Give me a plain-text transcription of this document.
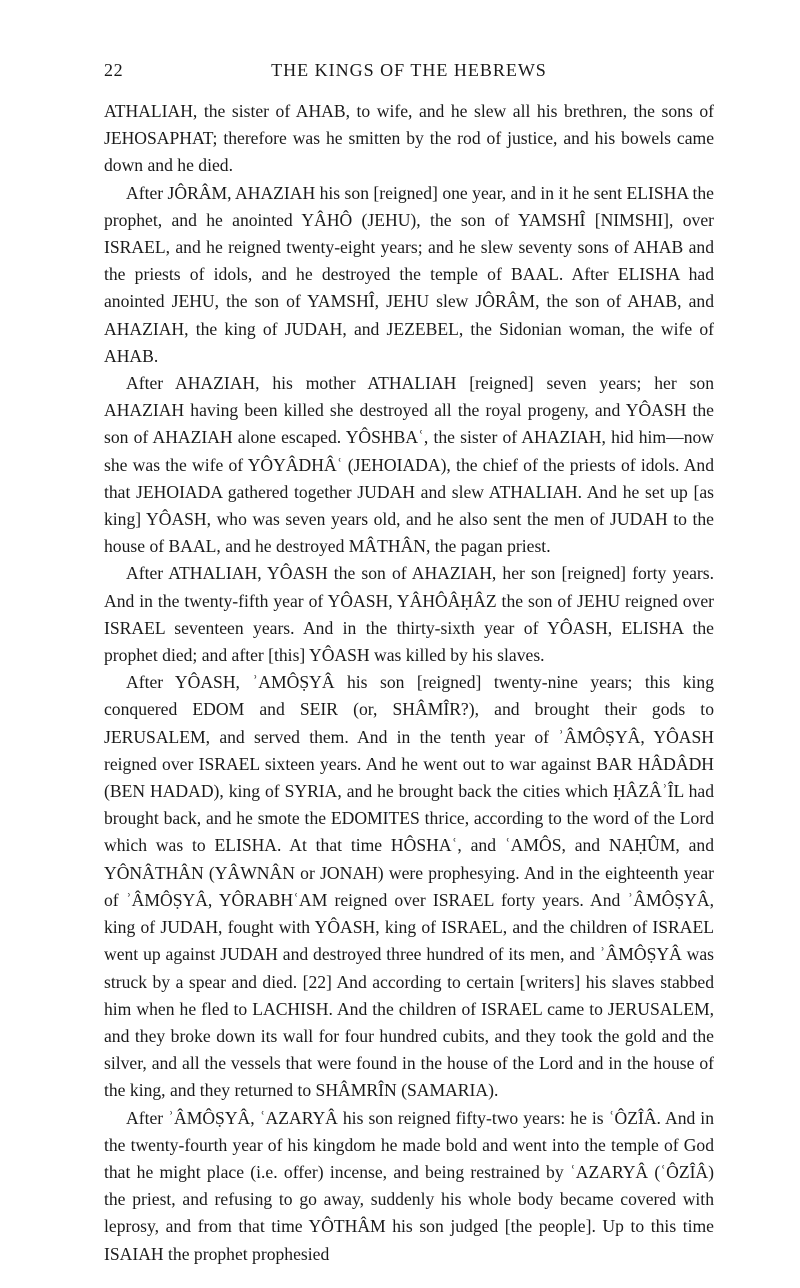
22	THE KINGS OF THE HEBREWS

ATHALIAH, the sister of AHAB, to wife, and he slew all his brethren, the sons of JEHOSAPHAT; therefore was he smitten by the rod of justice, and his bowels came down and he died.

After JÔRÂM, AHAZIAH his son [reigned] one year, and in it he sent ELISHA the prophet, and he anointed YÂHÔ (JEHU), the son of YAMSHÎ [NIMSHI], over ISRAEL, and he reigned twenty-eight years; and he slew seventy sons of AHAB and the priests of idols, and he destroyed the temple of BAAL. After ELISHA had anointed JEHU, the son of YAMSHÎ, JEHU slew JÔRÂM, the son of AHAB, and AHAZIAH, the king of JUDAH, and JEZEBEL, the Sidonian woman, the wife of AHAB.

After AHAZIAH, his mother ATHALIAH [reigned] seven years; her son AHAZIAH having been killed she destroyed all the royal progeny, and YÔASH the son of AHAZIAH alone escaped. YÔSHBAʿ, the sister of AHAZIAH, hid him—now she was the wife of YÔYÂDHÂʿ (JEHOIADA), the chief of the priests of idols. And that JEHOIADA gathered together JUDAH and slew ATHALIAH. And he set up [as king] YÔASH, who was seven years old, and he also sent the men of JUDAH to the house of BAAL, and he destroyed MÂTHÂN, the pagan priest.

After ATHALIAH, YÔASH the son of AHAZIAH, her son [reigned] forty years. And in the twenty-fifth year of YÔASH, YÂHÔÂḤÂZ the son of JEHU reigned over ISRAEL seventeen years. And in the thirty-sixth year of YÔASH, ELISHA the prophet died; and after [this] YÔASH was killed by his slaves.

After YÔASH, ʾAMÔṢYÂ his son [reigned] twenty-nine years; this king conquered EDOM and SEIR (or, SHÂMÎR?), and brought their gods to JERUSALEM, and served them. And in the tenth year of ʾÂMÔṢYÂ, YÔASH reigned over ISRAEL sixteen years. And he went out to war against BAR HÂDÂDH (BEN HADAD), king of SYRIA, and he brought back the cities which ḤÂZÂʾÎL had brought back, and he smote the EDOMITES thrice, according to the word of the Lord which was to ELISHA. At that time HÔSHAʿ, and ʿAMÔS, and NAḤÛM, and YÔNÂTHÂN (YÂWNÂN or JONAH) were prophesying. And in the eighteenth year of ʾÂMÔṢYÂ, YÔRABHʿAM reigned over ISRAEL forty years. And ʾÂMÔṢYÂ, king of JUDAH, fought with YÔASH, king of ISRAEL, and the children of ISRAEL went up against JUDAH and destroyed three hundred of its men, and ʾÂMÔṢYÂ was struck by a spear and died. [22] And according to certain [writers] his slaves stabbed him when he fled to LACHISH. And the children of ISRAEL came to JERUSALEM, and they broke down its wall for four hundred cubits, and they took the gold and the silver, and all the vessels that were found in the house of the Lord and in the house of the king, and they returned to SHÂMRÎN (SAMARIA).

After ʾÂMÔṢYÂ, ʿAZARYÂ his son reigned fifty-two years: he is ʿÔZÎÂ. And in the twenty-fourth year of his kingdom he made bold and went into the temple of God that he might place (i.e. offer) incense, and being restrained by ʿAZARYÂ (ʿÔZÎÂ) the priest, and refusing to go away, suddenly his whole body became covered with leprosy, and from that time YÔTHÂM his son judged [the people]. Up to this time ISAIAH the prophet prophesied
